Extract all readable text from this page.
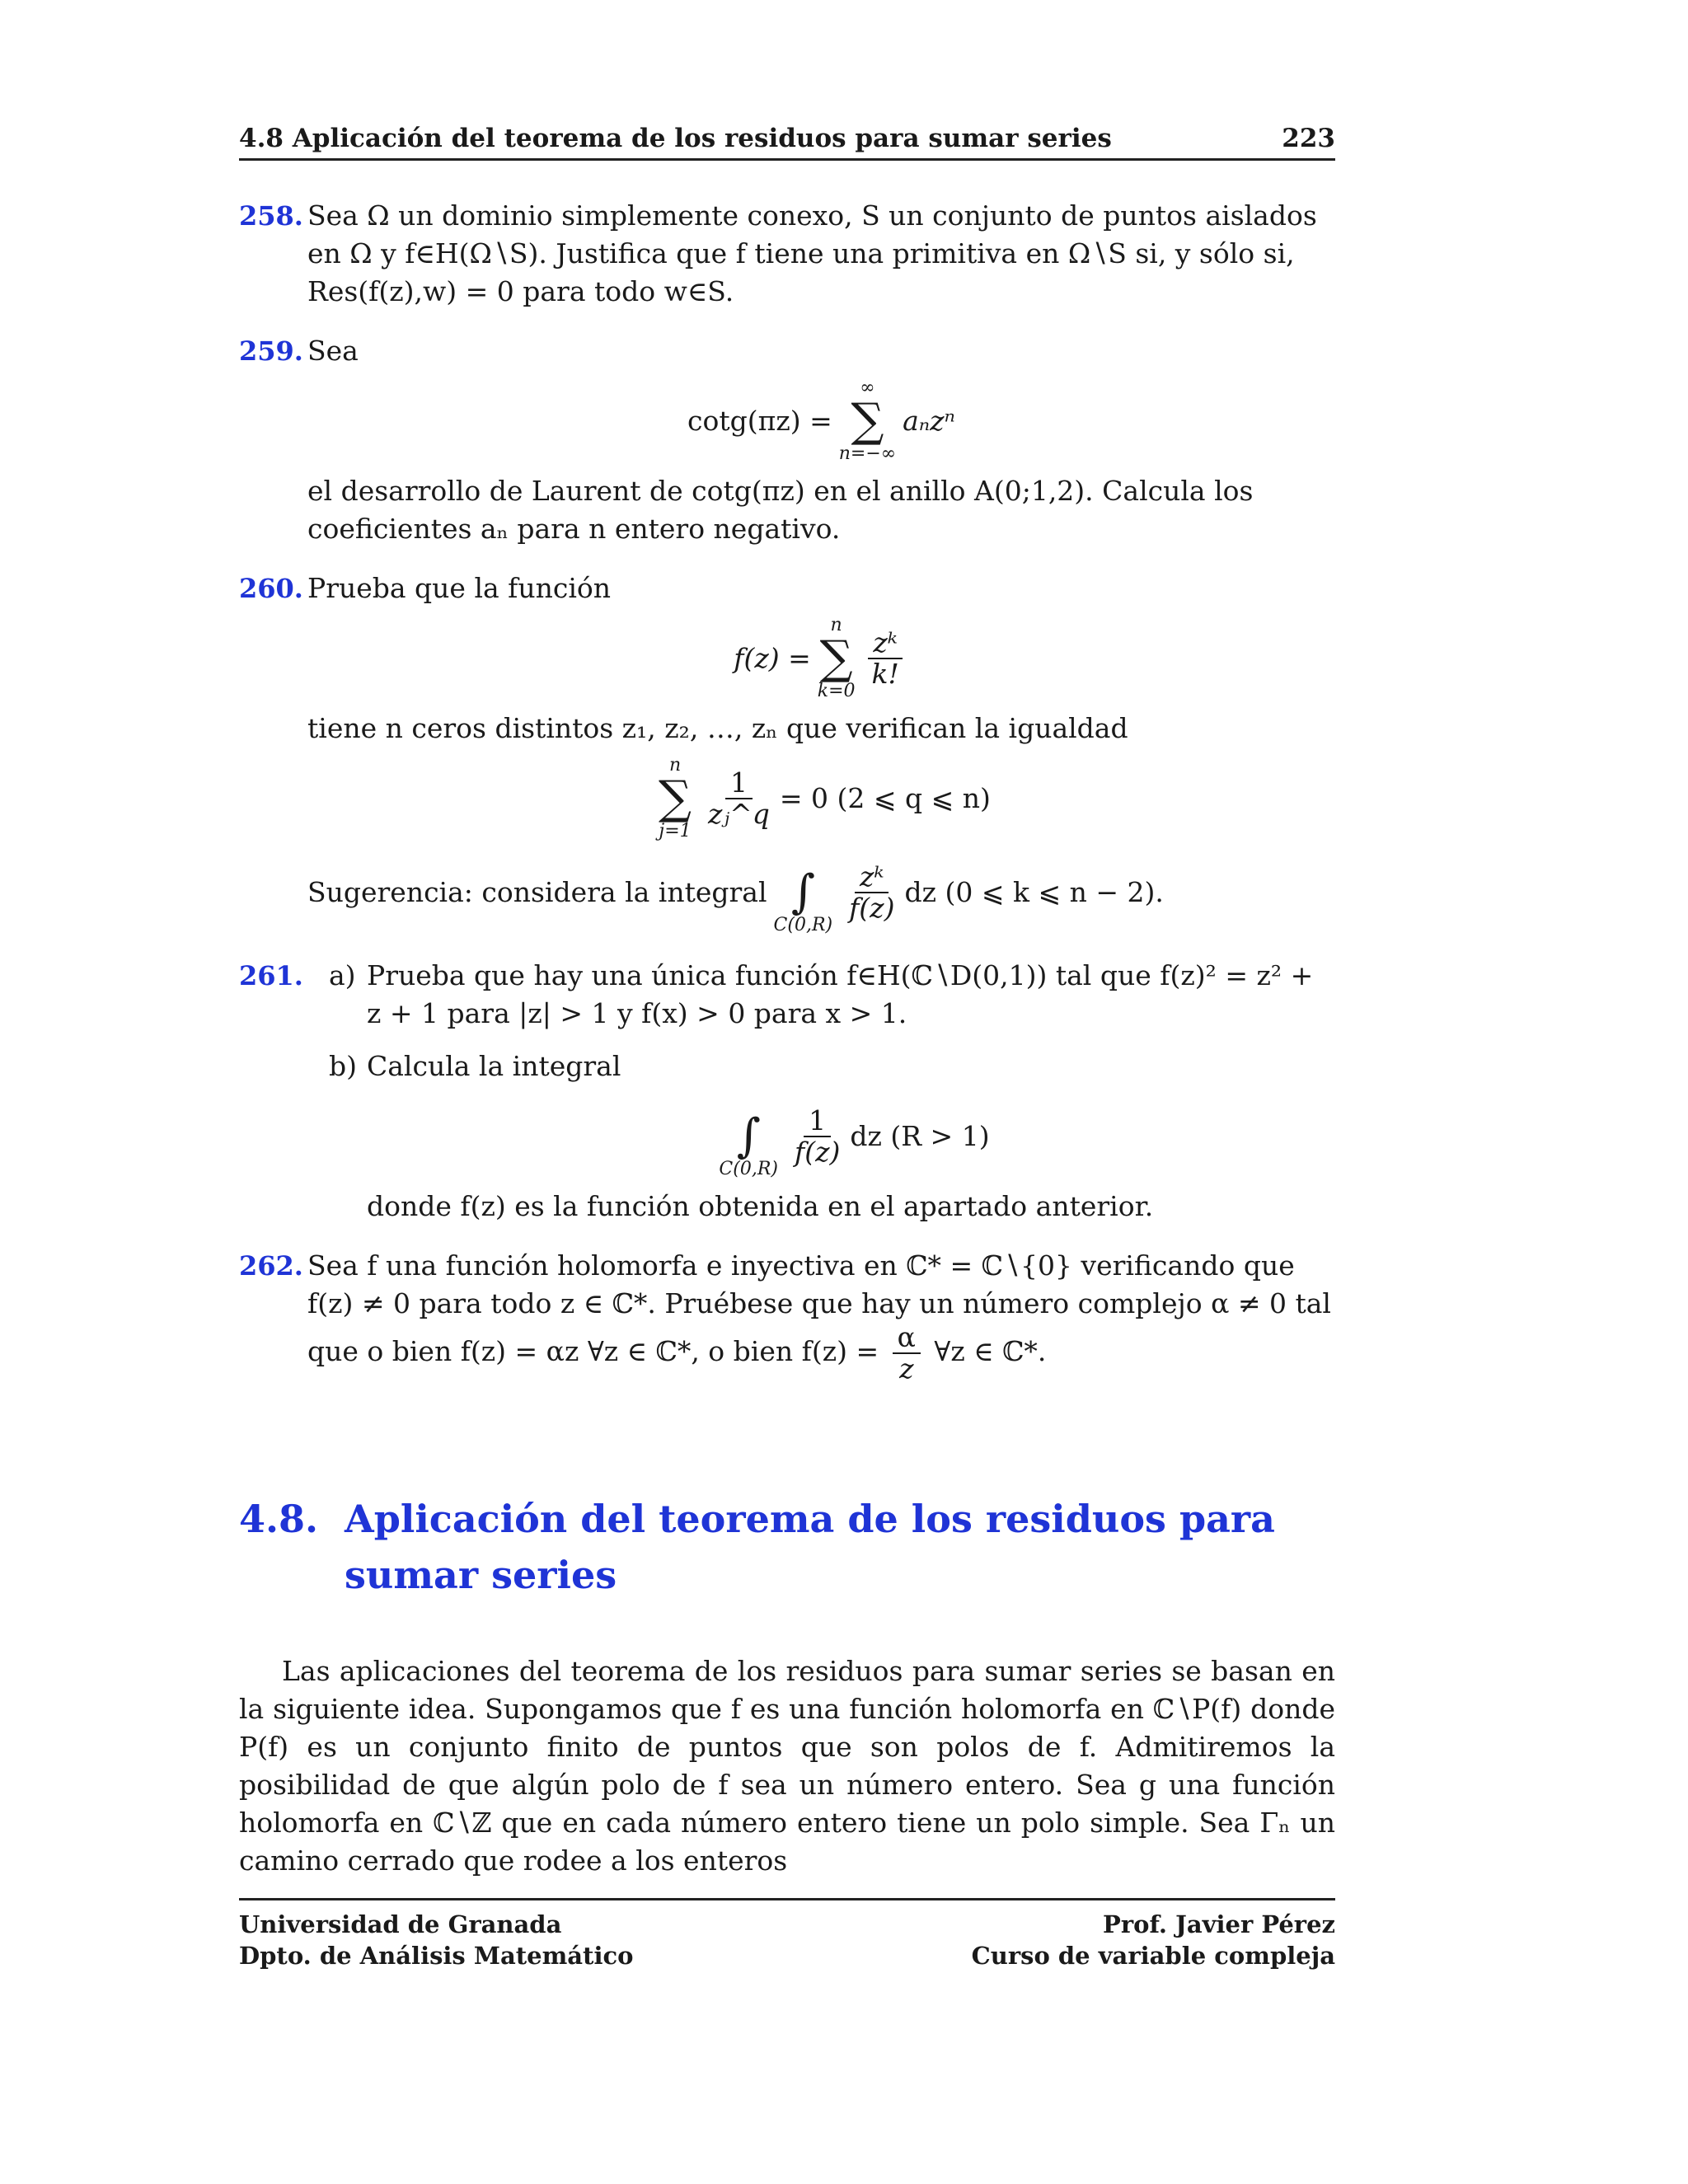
4.8 Aplicación del teorema de los residuos para sumar series	223
258. Sea Ω un dominio simplemente conexo, S un conjunto de puntos aislados en Ω y f∈H(Ω∖S). Justifica que f tiene una primitiva en Ω∖S si, y sólo si, Res(f(z),w) = 0 para todo w∈S.
259. Sea
cotg(πz) =
∞
∑
n=−∞
aₙzⁿ
el desarrollo de Laurent de cotg(πz) en el anillo A(0;1,2). Calcula los coeficientes aₙ para n entero negativo.
260. Prueba que la función
f(z) =
n
∑
k=0
$\frac{\text{zᵏ}}{k!}$
tiene n ceros distintos z₁, z₂, …, zₙ que verifican la igualdad
n
∑
j=1
$\frac{1}{\text{zⱼ\textasciicircum{}q}} = 0$ (2 ⩽ q ⩽ n)
Sugerencia: considera la integral ∫
C(0,R)
$\frac{\text{zᵏ}}{f(z)}$ dz (0 ⩽ k ⩽ n − 2).
261. a) Prueba que hay una única función f∈H(ℂ∖D(0,1)) tal que f(z)² = z² + z + 1 para |z| > 1 y f(x) > 0 para x > 1.
b) Calcula la integral
∫
C(0,R)
$\frac{1}{f(z)}$ dz (R > 1)
donde f(z) es la función obtenida en el apartado anterior.
262. Sea f una función holomorfa e inyectiva en ℂ* = ℂ∖{0} verificando que f(z) ≠ 0 para todo z ∈ ℂ*. Pruébese que hay un número complejo α ≠ 0 tal que o bien f(z) = αz ∀z ∈ ℂ*, o bien $f(z) = \frac{\alpha}{z}$ ∀z ∈ ℂ*.
4.8. Aplicación del teorema de los residuos para sumar series
Las aplicaciones del teorema de los residuos para sumar series se basan en la siguiente idea. Supongamos que f es una función holomorfa en ℂ∖P(f) donde P(f) es un conjunto finito de puntos que son polos de f. Admitiremos la posibilidad de que algún polo de f sea un número entero. Sea g una función holomorfa en ℂ∖ℤ que en cada número entero tiene un polo simple. Sea Γₙ un camino cerrado que rodee a los enteros
Universidad de Granada
Dpto. de Análisis Matemático
Prof. Javier Pérez
Curso de variable compleja
